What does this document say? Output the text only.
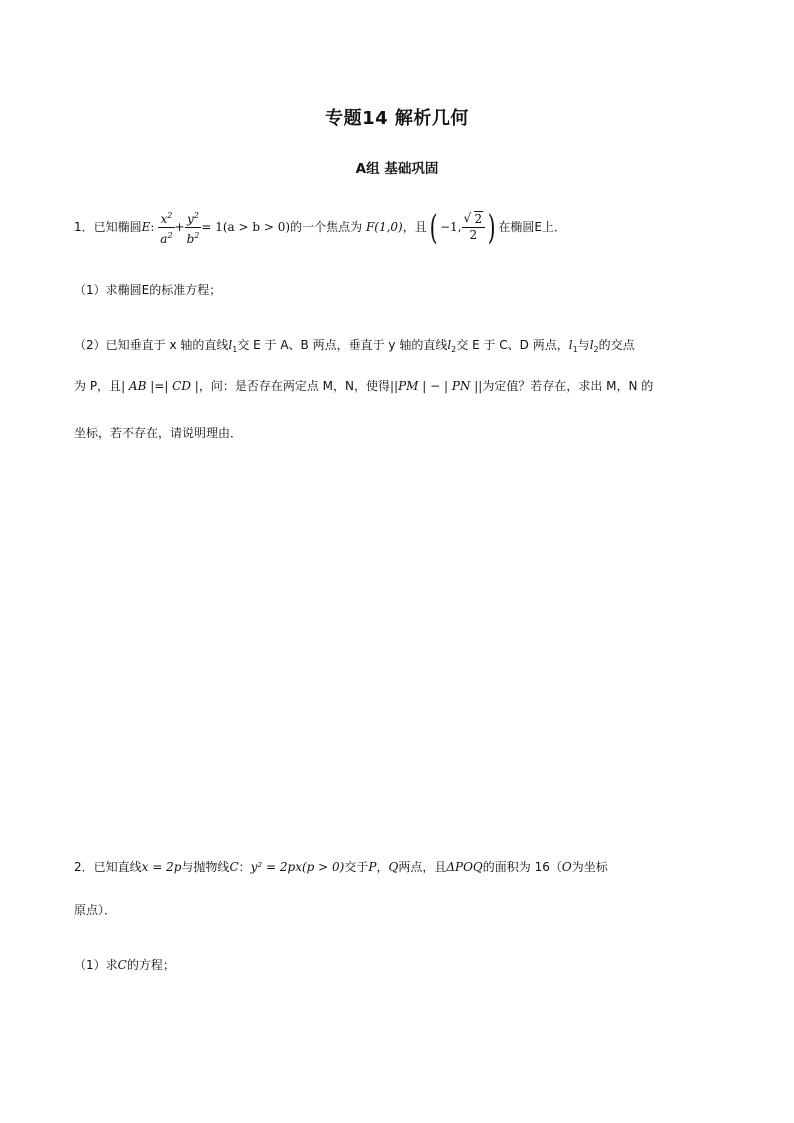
专题14 解析几何
A组 基础巩固
1．已知椭圆E: $\frac{x^2}{a^2} + \frac{y^2}{b^2} = 1(a > b > 0)$的一个焦点为 F(1,0)，且( −1,
√ $\frac{2}{2}$ ) 在椭圆E上．
（1）求椭圆E的标准方程；
（2）已知垂直于 x 轴的直线$l_1$交 E 于 A、B 两点，垂直于 y 轴的直线$l_2$交 E 于 C、D 两点，$l_1$与$l_2$的交点
为 P，且| AB |=| CD |，问：是否存在两定点 M，N，使得||PM | − | PN ||为定值？若存在，求出 M，N 的
坐标，若不存在，请说明理由．
2．已知直线x = 2p与抛物线C：y² = 2px(p > 0)交于P，Q两点，且ΔPOQ的面积为 16（O为坐标
原点）．
（1）求C的方程；
